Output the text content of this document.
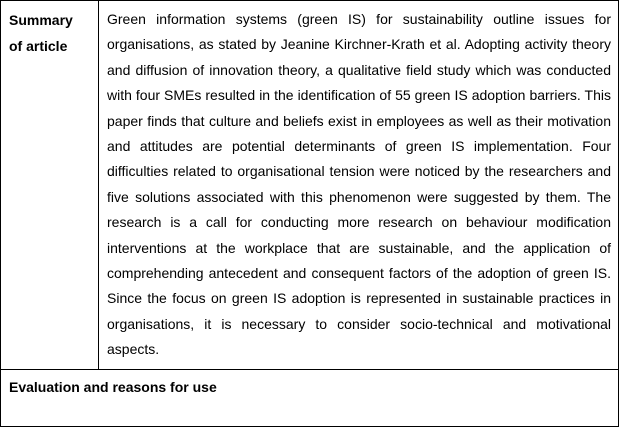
Summary of article

Green information systems (green IS) for sustainability outline issues for organisations, as stated by Jeanine Kirchner-Krath et al. Adopting activity theory and diffusion of innovation theory, a qualitative field study which was conducted with four SMEs resulted in the identification of 55 green IS adoption barriers. This paper finds that culture and beliefs exist in employees as well as their motivation and attitudes are potential determinants of green IS implementation. Four difficulties related to organisational tension were noticed by the researchers and five solutions associated with this phenomenon were suggested by them. The research is a call for conducting more research on behaviour modification interventions at the workplace that are sustainable, and the application of comprehending antecedent and consequent factors of the adoption of green IS. Since the focus on green IS adoption is represented in sustainable practices in organisations, it is necessary to consider socio-technical and motivational aspects.

Evaluation and reasons for use
